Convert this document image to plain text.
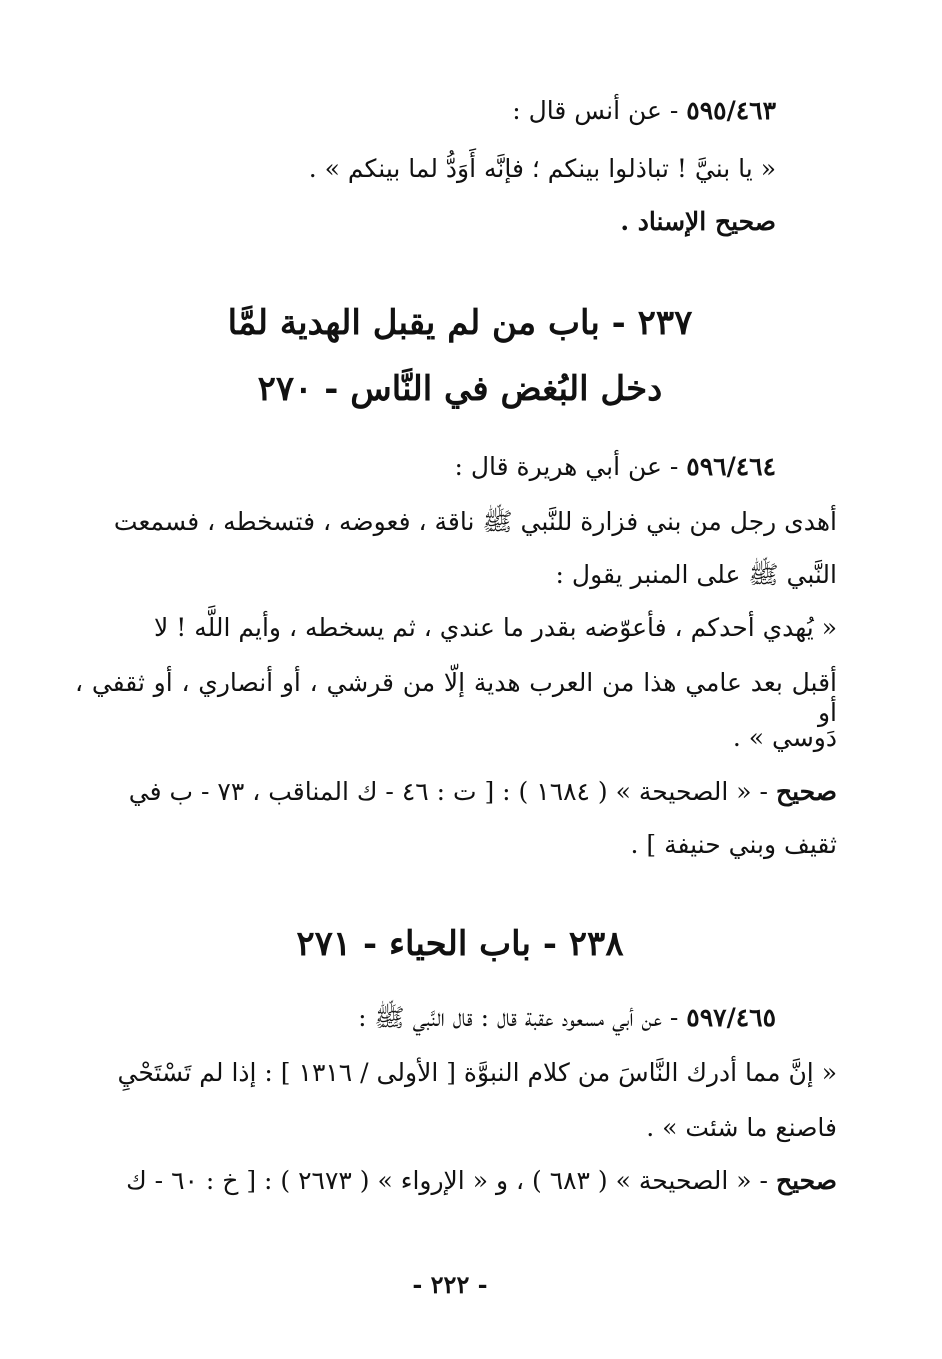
٥٩٥/٤٦٣ - عن أنس قال :
« يا بنيَّ ! تباذلوا بينكم ؛ فإنَّه أَوَدُّ لما بينكم » .
صحيح الإسناد .
٢٣٧ - باب من لم يقبل الهدية لمَّا
دخل البُغض في النَّاس - ٢٧٠
٥٩٦/٤٦٤ - عن أبي هريرة قال :
أهدى رجل من بني فزارة للنَّبي ﷺ ناقة ، فعوضه ، فتسخطه ، فسمعت
النَّبي ﷺ على المنبر يقول :
« يُهدي أحدكم ، فأعوّضه بقدر ما عندي ، ثم يسخطه ، وأيم اللَّه ! لا
أقبل بعد عامي هذا من العرب هدية إلّا من قرشي ، أو أنصاري ، أو ثقفي ، أو
دَوسي » .
صحيح - « الصحيحة » ( ١٦٨٤ ) : [ ت : ٤٦ - ك المناقب ، ٧٣ - ب في
ثقيف وبني حنيفة ] .
٢٣٨ - باب الحياء - ٢٧١
٥٩٧/٤٦٥ - عن أبي مسعود عقبة قال : قال النَّبي ﷺ :
« إنَّ مما أدرك النَّاسَ من كلام النبوَّة [ الأولى / ١٣١٦ ] : إذا لم تَسْتَحْيِ
فاصنع ما شئت » .
صحيح - « الصحيحة » ( ٦٨٣ ) ، و « الإرواء » ( ٢٦٧٣ ) : [ خ : ٦٠ - ك
- ٢٢٢ -
